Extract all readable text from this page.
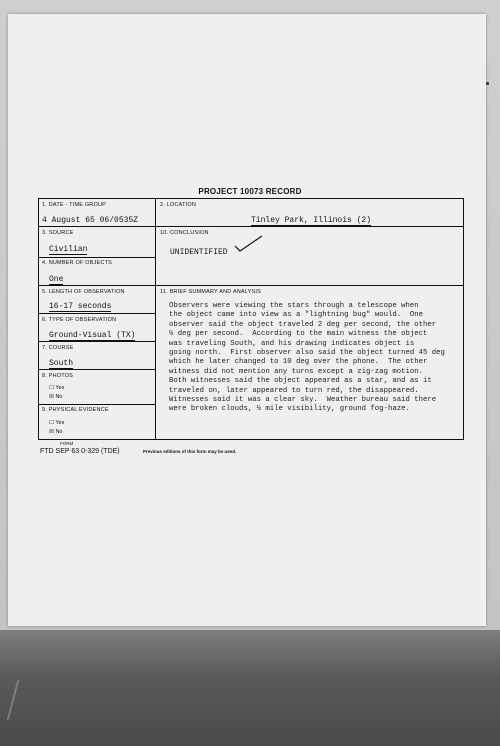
PROJECT 10073 RECORD
1. DATE - TIME GROUP
4 August 65 06/0535Z
2. LOCATION
Tinley Park, Illinois (2)
3. SOURCE
Civilian
10. CONCLUSION
UNIDENTIFIED
4. NUMBER OF OBJECTS
One
5. LENGTH OF OBSERVATION
16-17 seconds
11. BRIEF SUMMARY AND ANALYSIS
Observers were viewing the stars through a telescope when
the object came into view as a "lightning bug" would.  One
observer said the object traveled 2 deg per second, the other
½ deg per second.  According to the main witness the object
was traveling South, and his drawing indicates object is
going north.  First observer also said the object turned 45 deg
which he later changed to 10 deg over the phone.  The other
witness did not mention any turns except a zig-zag motion.
Both witnesses said the object appeared as a star, and as it
traveled on, later appeared to turn red, the disappeared.
Witnesses said it was a clear sky.  Weather bureau said there
were broken clouds, ½ mile visibility, ground fog-haze.
6. TYPE OF OBSERVATION
Ground-Visual (TX)
7. COURSE
South
8. PHOTOS
☐ Yes
☒ No
9. PHYSICAL EVIDENCE
☐ Yes
☒ No
FORM
FTD SEP 63 0-329 (TDE)	Previous editions of this form may be used.
